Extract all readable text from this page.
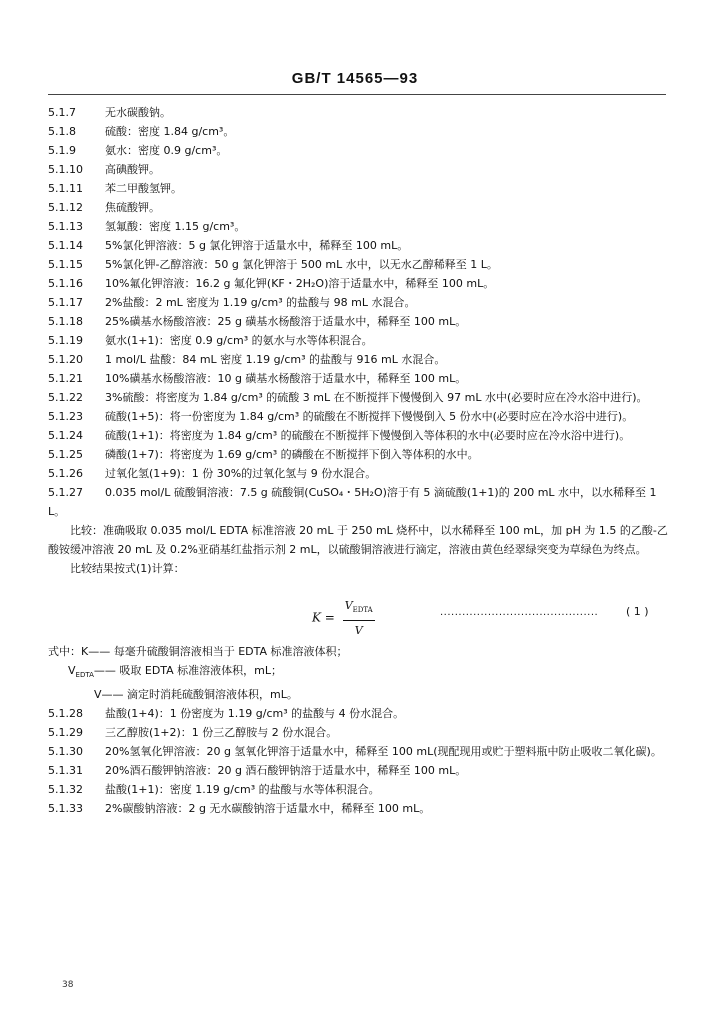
GB/T 14565—93
5.1.7	无水碳酸钠。
5.1.8	硫酸：密度 1.84 g/cm³。
5.1.9	氨水：密度 0.9 g/cm³。
5.1.10 高碘酸钾。
5.1.11 苯二甲酸氢钾。
5.1.12 焦硫酸钾。
5.1.13 氢氟酸：密度 1.15 g/cm³。
5.1.14 5%氯化钾溶液：5 g 氯化钾溶于适量水中，稀释至 100 mL。
5.1.15 5%氯化钾-乙醇溶液：50 g 氯化钾溶于 500 mL 水中，以无水乙醇稀释至 1 L。
5.1.16 10%氟化钾溶液：16.2 g 氟化钾(KF・2H₂O)溶于适量水中，稀释至 100 mL。
5.1.17 2%盐酸：2 mL 密度为 1.19 g/cm³ 的盐酸与 98 mL 水混合。
5.1.18 25%磺基水杨酸溶液：25 g 磺基水杨酸溶于适量水中，稀释至 100 mL。
5.1.19 氨水(1+1)：密度 0.9 g/cm³ 的氨水与水等体积混合。
5.1.20 1 mol/L 盐酸：84 mL 密度 1.19 g/cm³ 的盐酸与 916 mL 水混合。
5.1.21 10%磺基水杨酸溶液：10 g 磺基水杨酸溶于适量水中，稀释至 100 mL。
5.1.22 3%硫酸：将密度为 1.84 g/cm³ 的硫酸 3 mL 在不断搅拌下慢慢倒入 97 mL 水中(必要时应在冷水浴中进行)。
5.1.23 硫酸(1+5)：将一份密度为 1.84 g/cm³ 的硫酸在不断搅拌下慢慢倒入 5 份水中(必要时应在冷水浴中进行)。
5.1.24 硫酸(1+1)：将密度为 1.84 g/cm³ 的硫酸在不断搅拌下慢慢倒入等体积的水中(必要时应在冷水浴中进行)。
5.1.25 磷酸(1+7)：将密度为 1.69 g/cm³ 的磷酸在不断搅拌下倒入等体积的水中。
5.1.26 过氧化氢(1+9)：1 份 30%的过氧化氢与 9 份水混合。
5.1.27 0.035 mol/L 硫酸铜溶液：7.5 g 硫酸铜(CuSO₄・5H₂O)溶于有 5 滴硫酸(1+1)的 200 mL 水中，以水稀释至 1 L。
比较：准确吸取 0.035 mol/L EDTA 标准溶液 20 mL 于 250 mL 烧杯中，以水稀释至 100 mL，加 pH 为 1.5 的乙酸-乙酸铵缓冲溶液 20 mL 及 0.2%亚硝基红盐指示剂 2 mL，以硫酸铜溶液进行滴定，溶液由黄色经翠绿突变为草绿色为终点。
比较结果按式(1)计算：
$K = \frac{V_{EDTA}}{V}$	...........................................	( 1 )
式中：K—— 每毫升硫酸铜溶液相当于 EDTA 标准溶液体积；
$V_{EDTA}——$ 吸取 EDTA 标准溶液体积，mL；
V—— 滴定时消耗硫酸铜溶液体积，mL。
5.1.28 盐酸(1+4)：1 份密度为 1.19 g/cm³ 的盐酸与 4 份水混合。
5.1.29 三乙醇胺(1+2)：1 份三乙醇胺与 2 份水混合。
5.1.30 20%氢氧化钾溶液：20 g 氢氧化钾溶于适量水中，稀释至 100 mL(现配现用或贮于塑料瓶中防止吸收二氧化碳)。
5.1.31 20%酒石酸钾钠溶液：20 g 酒石酸钾钠溶于适量水中，稀释至 100 mL。
5.1.32 盐酸(1+1)：密度 1.19 g/cm³ 的盐酸与水等体积混合。
5.1.33 2%碳酸钠溶液：2 g 无水碳酸钠溶于适量水中，稀释至 100 mL。
38
